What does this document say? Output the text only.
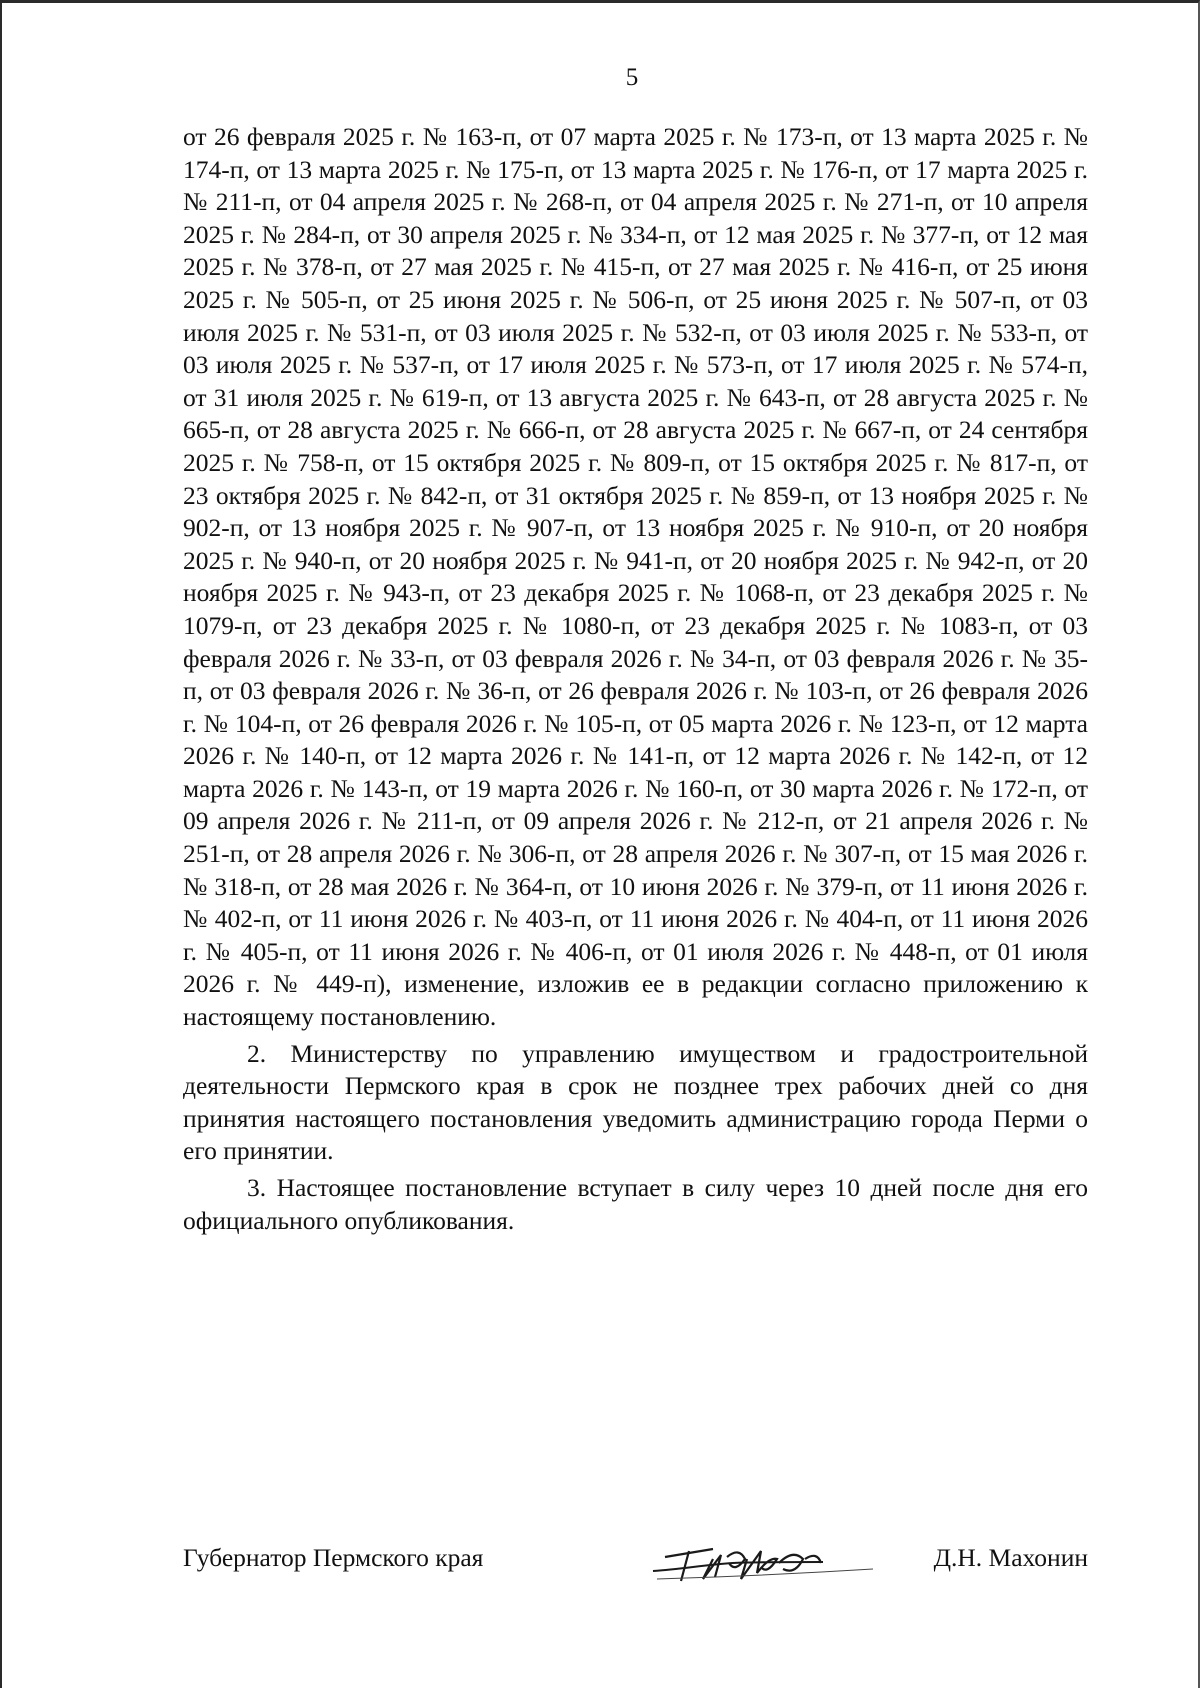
5

от 26 февраля 2025 г. № 163-п, от 07 марта 2025 г. № 173-п, от 13 марта 2025 г. № 174-п, от 13 марта 2025 г. № 175-п, от 13 марта 2025 г. № 176-п, от 17 марта 2025 г. № 211-п, от 04 апреля 2025 г. № 268-п, от 04 апреля 2025 г. № 271-п, от 10 апреля 2025 г. № 284-п, от 30 апреля 2025 г. № 334-п, от 12 мая 2025 г. № 377-п, от 12 мая 2025 г. № 378-п, от 27 мая 2025 г. № 415-п, от 27 мая 2025 г. № 416-п, от 25 июня 2025 г. № 505-п, от 25 июня 2025 г. № 506-п, от 25 июня 2025 г. № 507-п, от 03 июля 2025 г. № 531-п, от 03 июля 2025 г. № 532-п, от 03 июля 2025 г. № 533-п, от 03 июля 2025 г. № 537-п, от 17 июля 2025 г. № 573-п, от 17 июля 2025 г. № 574-п, от 31 июля 2025 г. № 619-п, от 13 августа 2025 г. № 643-п, от 28 августа 2025 г. № 665-п, от 28 августа 2025 г. № 666-п, от 28 августа 2025 г. № 667-п, от 24 сентября 2025 г. № 758-п, от 15 октября 2025 г. № 809-п, от 15 октября 2025 г. № 817-п, от 23 октября 2025 г. № 842-п, от 31 октября 2025 г. № 859-п, от 13 ноября 2025 г. № 902-п, от 13 ноября 2025 г. № 907-п, от 13 ноября 2025 г. № 910-п, от 20 ноября 2025 г. № 940-п, от 20 ноября 2025 г. № 941-п, от 20 ноября 2025 г. № 942-п, от 20 ноября 2025 г. № 943-п, от 23 декабря 2025 г. № 1068-п, от 23 декабря 2025 г. № 1079-п, от 23 декабря 2025 г. № 1080-п, от 23 декабря 2025 г. № 1083-п, от 03 февраля 2026 г. № 33-п, от 03 февраля 2026 г. № 34-п, от 03 февраля 2026 г. № 35-п, от 03 февраля 2026 г. № 36-п, от 26 февраля 2026 г. № 103-п, от 26 февраля 2026 г. № 104-п, от 26 февраля 2026 г. № 105-п, от 05 марта 2026 г. № 123-п, от 12 марта 2026 г. № 140-п, от 12 марта 2026 г. № 141-п, от 12 марта 2026 г. № 142-п, от 12 марта 2026 г. № 143-п, от 19 марта 2026 г. № 160-п, от 30 марта 2026 г. № 172-п, от 09 апреля 2026 г. № 211-п, от 09 апреля 2026 г. № 212-п, от 21 апреля 2026 г. № 251-п, от 28 апреля 2026 г. № 306-п, от 28 апреля 2026 г. № 307-п, от 15 мая 2026 г. № 318-п, от 28 мая 2026 г. № 364-п, от 10 июня 2026 г. № 379-п, от 11 июня 2026 г. № 402-п, от 11 июня 2026 г. № 403-п, от 11 июня 2026 г. № 404-п, от 11 июня 2026 г. № 405-п, от 11 июня 2026 г. № 406-п, от 01 июля 2026 г. № 448-п, от 01 июля 2026 г. № 449-п), изменение, изложив ее в редакции согласно приложению к настоящему постановлению.

2. Министерству по управлению имуществом и градостроительной деятельности Пермского края в срок не позднее трех рабочих дней со дня принятия настоящего постановления уведомить администрацию города Перми о его принятии.

3. Настоящее постановление вступает в силу через 10 дней после дня его официального опубликования.

Губернатор Пермского края	Д.Н. Махонин
